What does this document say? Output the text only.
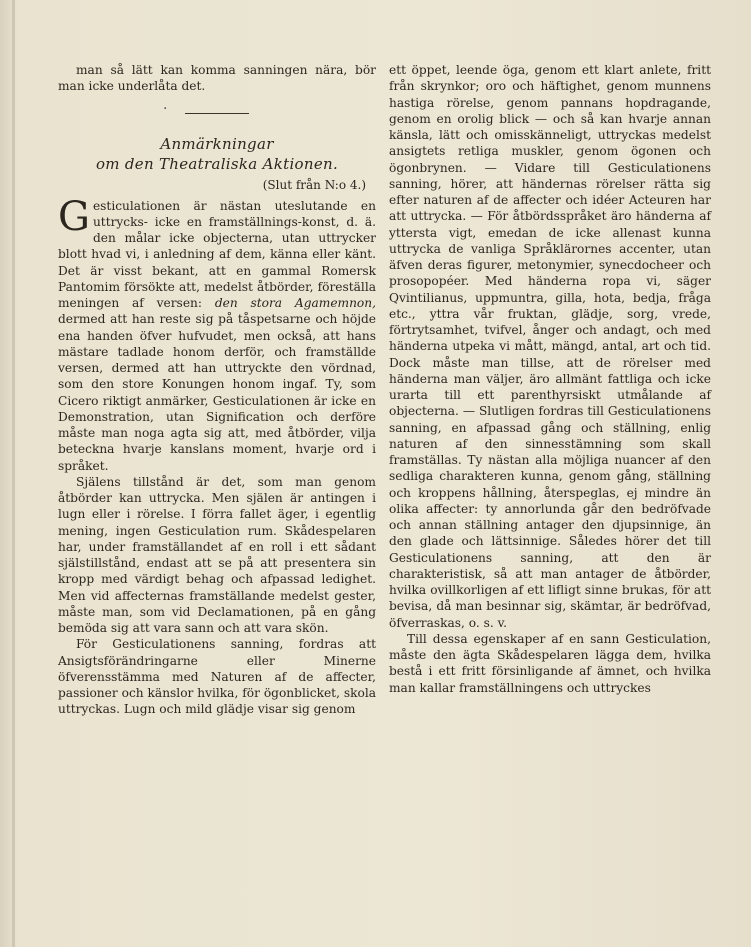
man så lätt kan komma sanningen nära, bör man icke underlåta det.

·
Anmärkningar
om den Theatraliska Aktionen.
(Slut från N:o 4.)

Gesticulationen är nästan uteslutande en uttrycks- icke en framställnings-konst, d. ä. den målar icke objecterna, utan uttrycker blott hvad vi, i anledning af dem, känna eller känt. Det är visst bekant, att en gammal Romersk Pantomim försökte att, medelst åtbörder, föreställa meningen af versen: den stora Agamemnon, dermed att han reste sig på tåspetsarne och höjde ena handen öfver hufvudet, men också, att hans mästare tadlade honom derför, och framställde versen, dermed att han uttryckte den vördnad, som den store Konungen honom ingaf. Ty, som Cicero riktigt anmärker, Gesticulationen är icke en Demonstration, utan Signification och derföre måste man noga agta sig att, med åtbörder, vilja beteckna hvarje kanslans moment, hvarje ord i språket.

Själens tillstånd är det, som man genom åtbörder kan uttrycka. Men själen är antingen i lugn eller i rörelse. I förra fallet äger, i egentlig mening, ingen Gesticulation rum. Skådespelaren har, under framställandet af en roll i ett sådant själstillstånd, endast att se på att presentera sin kropp med värdigt behag och afpassad ledighet. Men vid affecternas framställande medelst gester, måste man, som vid Declamationen, på en gång bemöda sig att vara sann och att vara skön.

För Gesticulationens sanning, fordras att Ansigtsförändringarne eller Minerne öfverensstämma med Naturen af de affecter, passioner och känslor hvilka, för ögonblicket, skola uttryckas. Lugn och mild glädje visar sig genom

ett öppet, leende öga, genom ett klart anlete, fritt från skrynkor; oro och häftighet, genom munnens hastiga rörelse, genom pannans hopdragande, genom en orolig blick — och så kan hvarje annan känsla, lätt och omisskänneligt, uttryckas medelst ansigtets retliga muskler, genom ögonen och ögonbrynen. — Vidare till Gesticulationens sanning, hörer, att händernas rörelser rätta sig efter naturen af de affecter och idéer Acteuren har att uttrycka. — För åtbördsspråket äro händerna af yttersta vigt, emedan de icke allenast kunna uttrycka de vanliga Språklärornes accenter, utan äfven deras figurer, metonymier, synecdocheer och prosopopéer. Med händerna ropa vi, säger Qvintilianus, uppmuntra, gilla, hota, bedja, fråga etc., yttra vår fruktan, glädje, sorg, vrede, förtrytsamhet, tvifvel, ånger och andagt, och med händerna utpeka vi mått, mängd, antal, art och tid. Dock måste man tillse, att de rörelser med händerna man väljer, äro allmänt fattliga och icke urarta till ett parenthyrsiskt utmålande af objecterna. — Slutligen fordras till Gesticulationens sanning, en afpassad gång och ställning, enlig naturen af den sinnesstämning som skall framställas. Ty nästan alla möjliga nuancer af den sedliga charakteren kunna, genom gång, ställning och kroppens hållning, återspeglas, ej mindre än olika affecter: ty annorlunda går den bedröfvade och annan ställning antager den djupsinnige, än den glade och lättsinnige. Således hörer det till Gesticulationens sanning, att den är charakteristisk, så att man antager de åtbörder, hvilka ovillkorligen af ett lifligt sinne brukas, för att bevisa, då man besinnar sig, skämtar, är bedröfvad, öfverraskas, o. s. v.

Till dessa egenskaper af en sann Gesticulation, måste den ägta Skådespelaren lägga dem, hvilka bestå i ett fritt försinligande af ämnet, och hvilka man kallar framställningens och uttryckes
